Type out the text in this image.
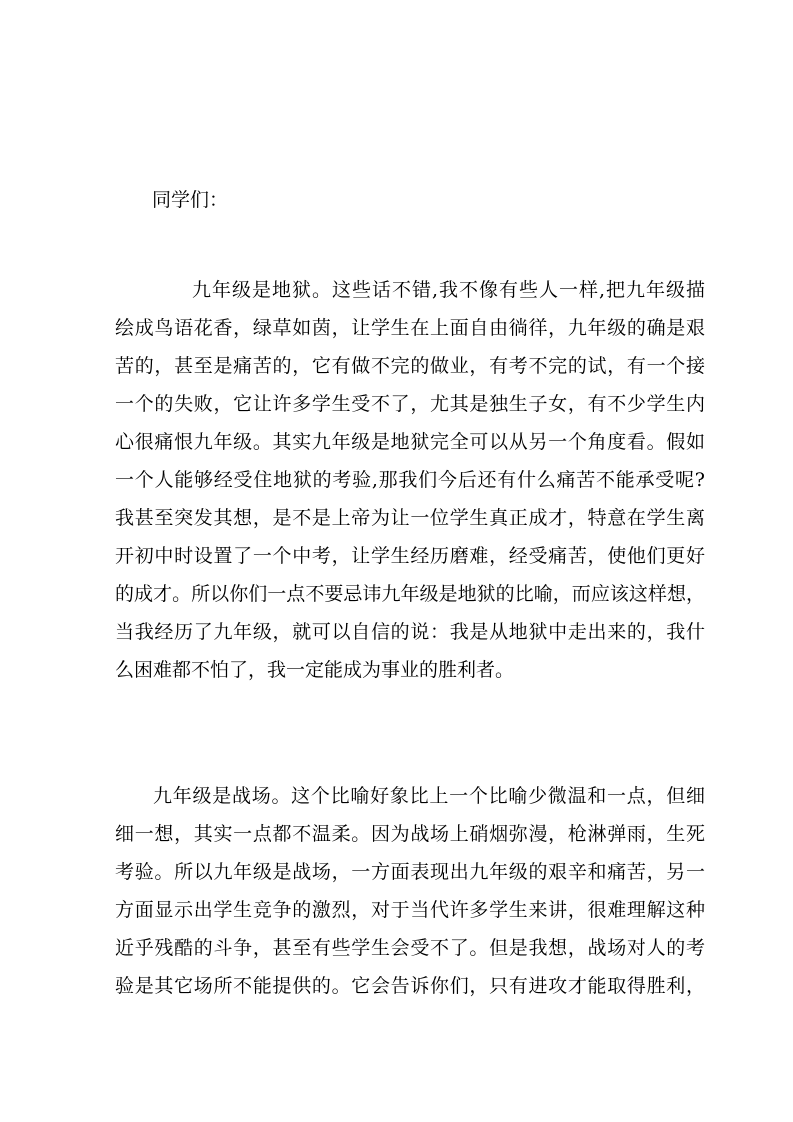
同学们：
九年级是地狱。这些话不错,我不像有些人一样,把九年级描
绘成鸟语花香，绿草如茵，让学生在上面自由徜徉，九年级的确是艰
苦的，甚至是痛苦的，它有做不完的做业，有考不完的试，有一个接
一个的失败，它让许多学生受不了，尤其是独生子女，有不少学生内
心很痛恨九年级。其实九年级是地狱完全可以从另一个角度看。假如
一个人能够经受住地狱的考验,那我们今后还有什么痛苦不能承受呢?
我甚至突发其想，是不是上帝为让一位学生真正成才，特意在学生离
开初中时设置了一个中考，让学生经历磨难，经受痛苦，使他们更好
的成才。所以你们一点不要忌讳九年级是地狱的比喻，而应该这样想，
当我经历了九年级，就可以自信的说：我是从地狱中走出来的，我什
么困难都不怕了，我一定能成为事业的胜利者。
九年级是战场。这个比喻好象比上一个比喻少微温和一点，但细
细一想，其实一点都不温柔。因为战场上硝烟弥漫，枪淋弹雨，生死
考验。所以九年级是战场，一方面表现出九年级的艰辛和痛苦，另一
方面显示出学生竞争的激烈，对于当代许多学生来讲，很难理解这种
近乎残酷的斗争，甚至有些学生会受不了。但是我想，战场对人的考
验是其它场所不能提供的。它会告诉你们，只有进攻才能取得胜利，
